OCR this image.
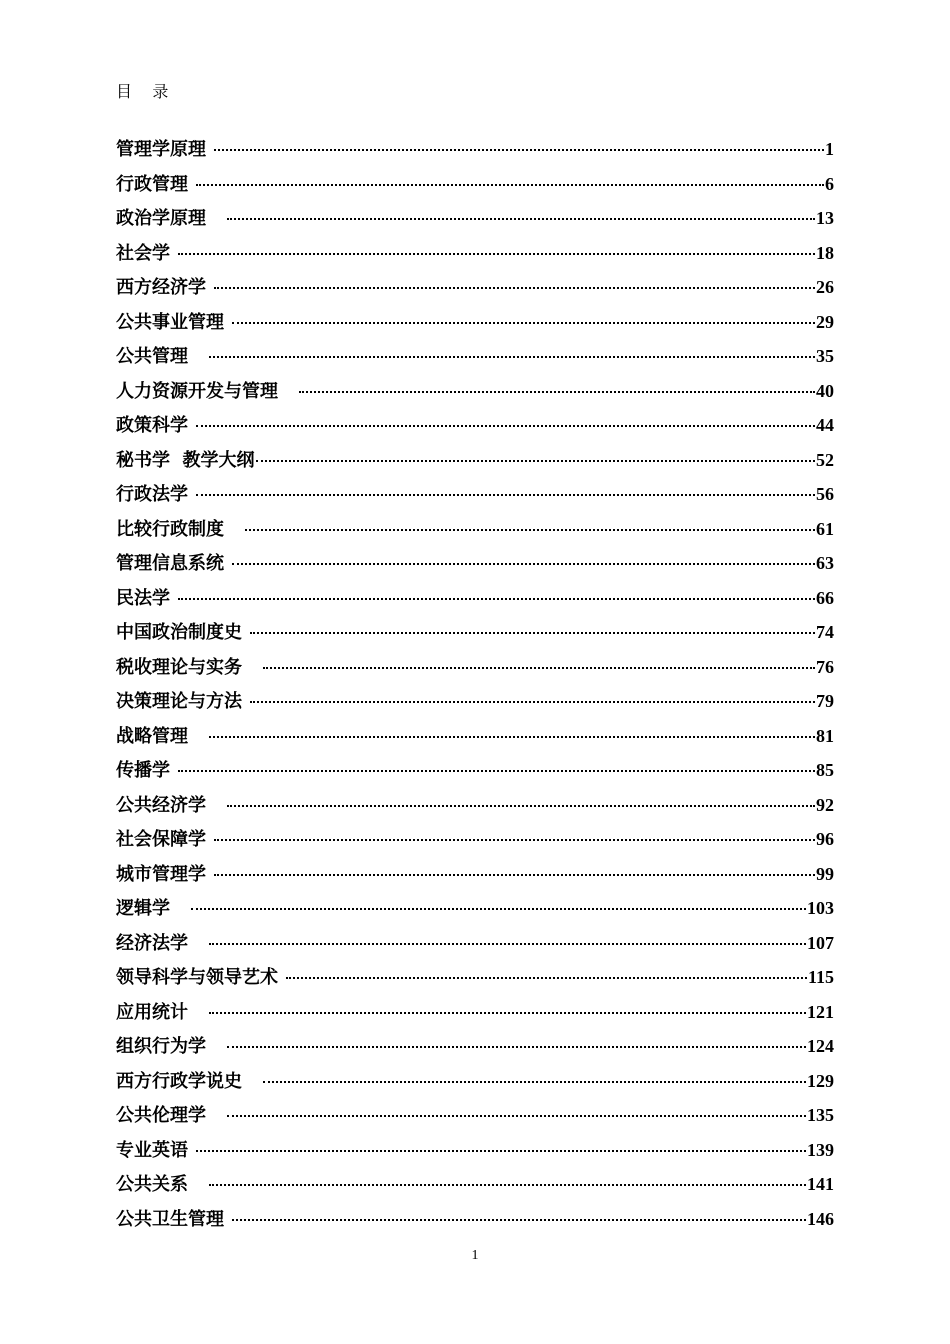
目    录
管理学原理	1
行政管理	6
政治学原理	13
社会学	18
西方经济学	26
公共事业管理	29
公共管理	35
人力资源开发与管理	40
政策科学	44
秘书学  教学大纲	52
行政法学	56
比较行政制度	61
管理信息系统	63
民法学	66
中国政治制度史	74
税收理论与实务	76
决策理论与方法	79
战略管理	81
传播学	85
公共经济学	92
社会保障学	96
城市管理学	99
逻辑学	103
经济法学	107
领导科学与领导艺术	115
应用统计	121
组织行为学	124
西方行政学说史	129
公共伦理学	135
专业英语	139
公共关系	141
公共卫生管理	146
1
